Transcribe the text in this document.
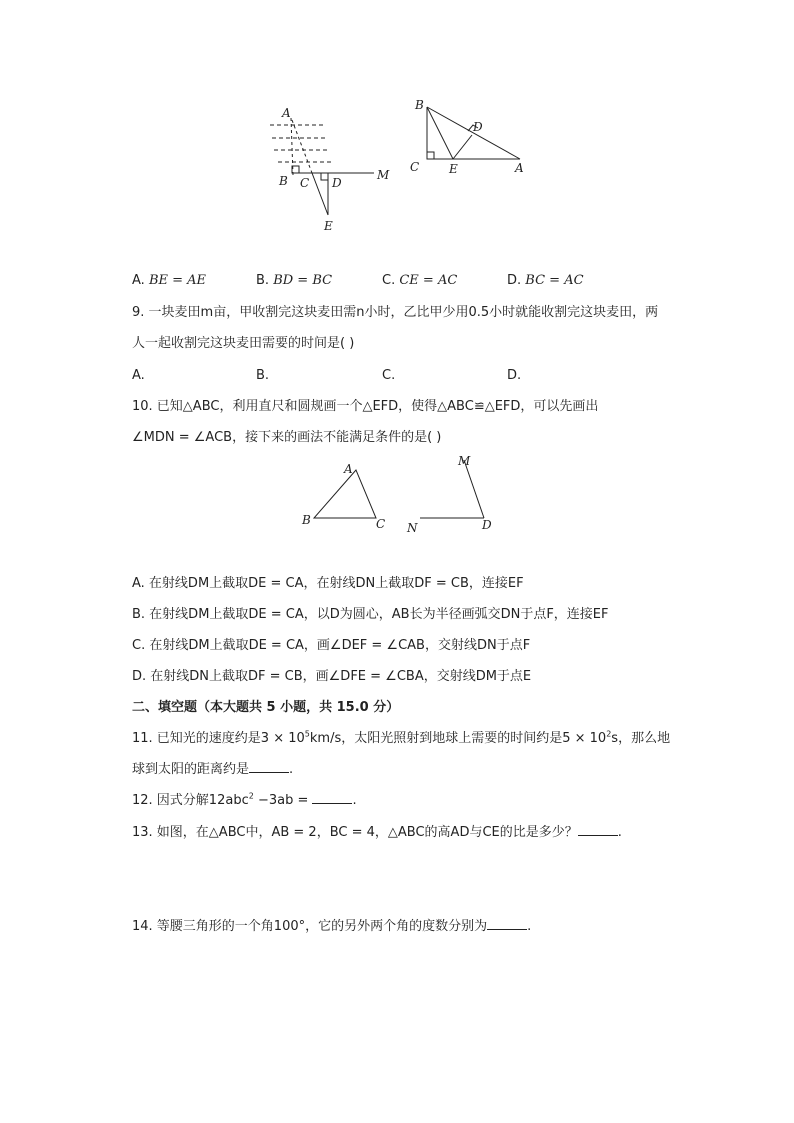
A
B C D
M
E
B
D
C E	A
A. BE = AE	B. BD = BC	C. CE = AC	D. BC = AC
9. 一块麦田m亩，甲收割完这块麦田需n小时，乙比甲少用0.5小时就能收割完这块麦田，两
人一起收割完这块麦田需要的时间是( )
A.	B.	C.	D.
10. 已知△ABC，利用直尺和圆规画一个△EFD，使得△ABC≌△EFD，可以先画出
∠MDN = ∠ACB，接下来的画法不能满足条件的是( )
A
B	C
M
N	D
A. 在射线DM上截取DE = CA，在射线DN上截取DF = CB，连接EF
B. 在射线DM上截取DE = CA，以D为圆心，AB长为半径画弧交DN于点F，连接EF
C. 在射线DM上截取DE = CA，画∠DEF = ∠CAB，交射线DN于点F
D. 在射线DN上截取DF = CB，画∠DFE = ∠CBA，交射线DM于点E
二、填空题（本大题共 5 小题，共 15.0 分）
11. 已知光的速度约是$3 \times 10^5km/s$，太阳光照射到地球上需要的时间约是$5 \times 10^2s$，那么地
球到太阳的距离约是	.
12. 因式分解12abc$^2$ −3ab =	.
13. 如图，在△ABC中，AB = 2，BC = 4，△ABC的高AD与CE的比是多少？	.
14. 等腰三角形的一个角100°，它的另外两个角的度数分别为	.
